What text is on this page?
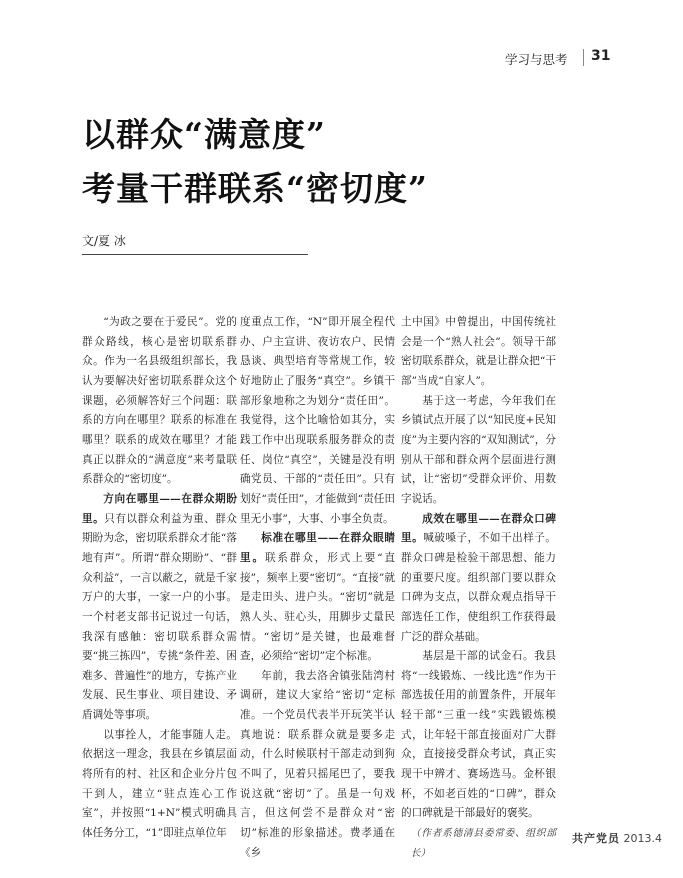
学习与思考 31
以群众“满意度”
考量干群联系“密切度”
文/夏 冰

“为政之要在于爱民”。党的群众路线，核心是密切联系群众。作为一名县级组织部长，我认为要解决好密切联系群众这个课题，必须解答好三个问题：联系的方向在哪里？联系的标准在哪里？联系的成效在哪里？才能真正以群众的“满意度”来考量联系群众的“密切度”。

方向在哪里——在群众期盼里。只有以群众利益为重、群众期盼为念，密切联系群众才能“落地有声”。所谓“群众期盼”、“群众利益”，一言以蔽之，就是千家万户的大事，一家一户的小事。一个村老支部书记说过一句话，我深有感触：密切联系群众需要“挑三拣四”，专挑“条件差、困难多、普遍性”的地方，专拣产业发展、民生事业、项目建设、矛盾调处等事项。

以事拴人，才能事随人走。依据这一理念，我县在乡镇层面将所有的村、社区和企业分片包干到人，建立“驻点连心工作室”，并按照“1+N”模式明确具体任务分工，“1”即驻点单位年

度重点工作，“N”即开展全程代办、户主宣讲、夜访农户、民情恳谈、典型培育等常规工作，较好地防止了服务“真空”。乡镇干部形象地称之为划分“责任田”。我觉得，这个比喻恰如其分，实践工作中出现联系服务群众的责任、岗位“真空”，关键是没有明确党员、干部的“责任田”。只有划好“责任田”，才能做到“责任田里无小事”，大事、小事全负责。

标准在哪里——在群众眼睛里。联系群众，形式上要“直接”，频率上要“密切”。“直接”就是走田头、进户头。“密切”就是熟人头、驻心头，用脚步丈量民情。“密切”是关键，也最难督查，必须给“密切”定个标准。

年前，我去洛舍镇张陆湾村调研，建议大家给“密切”定标准。一个党员代表半开玩笑半认真地说：联系群众就是要多走动，什么时候联村干部走动到狗不叫了，见着只摇尾巴了，要我说这就“密切”了。虽是一句戏言，但这何尝不是群众对“密切”标准的形象描述。费孝通在《乡

土中国》中曾提出，中国传统社会是一个“熟人社会”。领导干部密切联系群众，就是让群众把“干部”当成“自家人”。

基于这一考虑，今年我们在乡镇试点开展了以“知民度+民知度”为主要内容的“双知测试”，分别从干部和群众两个层面进行测试，让“密切”受群众评价、用数字说话。

成效在哪里——在群众口碑里。喊破嗓子，不如干出样子。群众口碑是检验干部思想、能力的重要尺度。组织部门要以群众口碑为支点，以群众观点指导干部选任工作，使组织工作获得最广泛的群众基础。

基层是干部的试金石。我县将“一线锻炼、一线比选”作为干部选拔任用的前置条件，开展年轻干部“三重一线”实践锻炼模式，让年轻干部直接面对广大群众，直接接受群众考试，真正实现干中辨才、赛场选马。金杯银杯，不如老百姓的“口碑”，群众的口碑就是干部最好的褒奖。

（作者系德清县委常委、组织部长）

共产党员 2013.4
